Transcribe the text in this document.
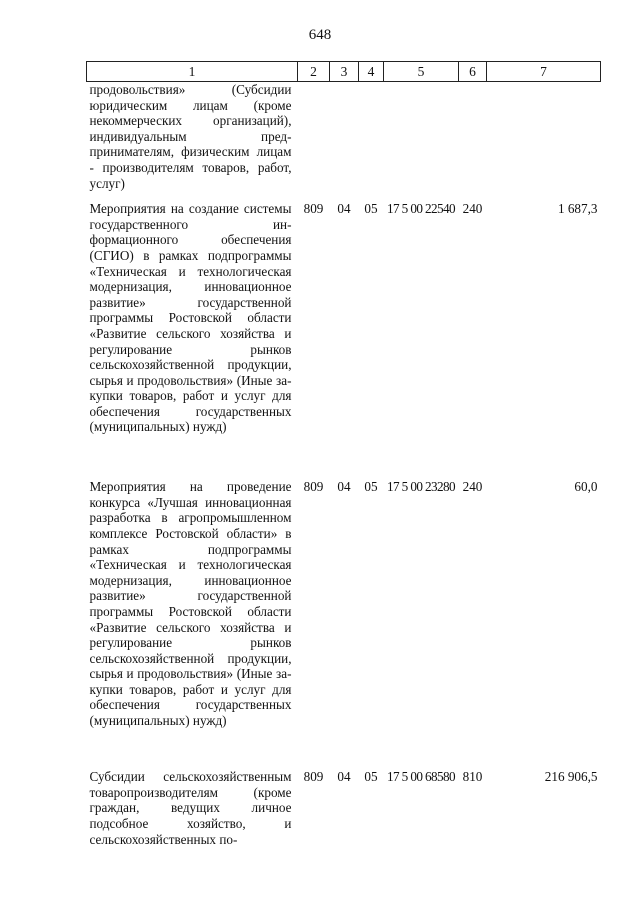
648
1	2	3	4	5	6	7
продовольствия» (Субсидии юридическим лицам (кроме некоммерческих организаций), индивидуальным предпринимателям, физическим лицам - производителям товаров, работ, услуг)						
Мероприятия на создание системы государственного информационного обеспечения (СГИО) в рамках подпрограммы «Техническая и технологическая модернизация, инновационное развитие» государственной программы Ростовской области «Развитие сельского хозяйства и регулирование рынков сельскохозяйственной продукции, сырья и продовольствия» (Иные закупки товаров, работ и услуг для обеспечения государственных (муниципальных) нужд)	809	04	05	17 5 00 22540	240	1 687,3
Мероприятия на проведение конкурса «Лучшая инновационная разработка в агропромышленном комплексе Ростовской области» в рамках подпрограммы «Техническая и технологическая модернизация, инновационное развитие» государственной программы Ростовской области «Развитие сельского хозяйства и регулирование рынков сельскохозяйственной продукции, сырья и продовольствия» (Иные закупки товаров, работ и услуг для обеспечения государственных (муниципальных) нужд)	809	04	05	17 5 00 23280	240	60,0
Субсидии сельскохозяйственным товаропроизводителям (кроме граждан, ведущих личное подсобное хозяйство, и сельскохозяйственных по-	809	04	05	17 5 00 68580	810	216 906,5
